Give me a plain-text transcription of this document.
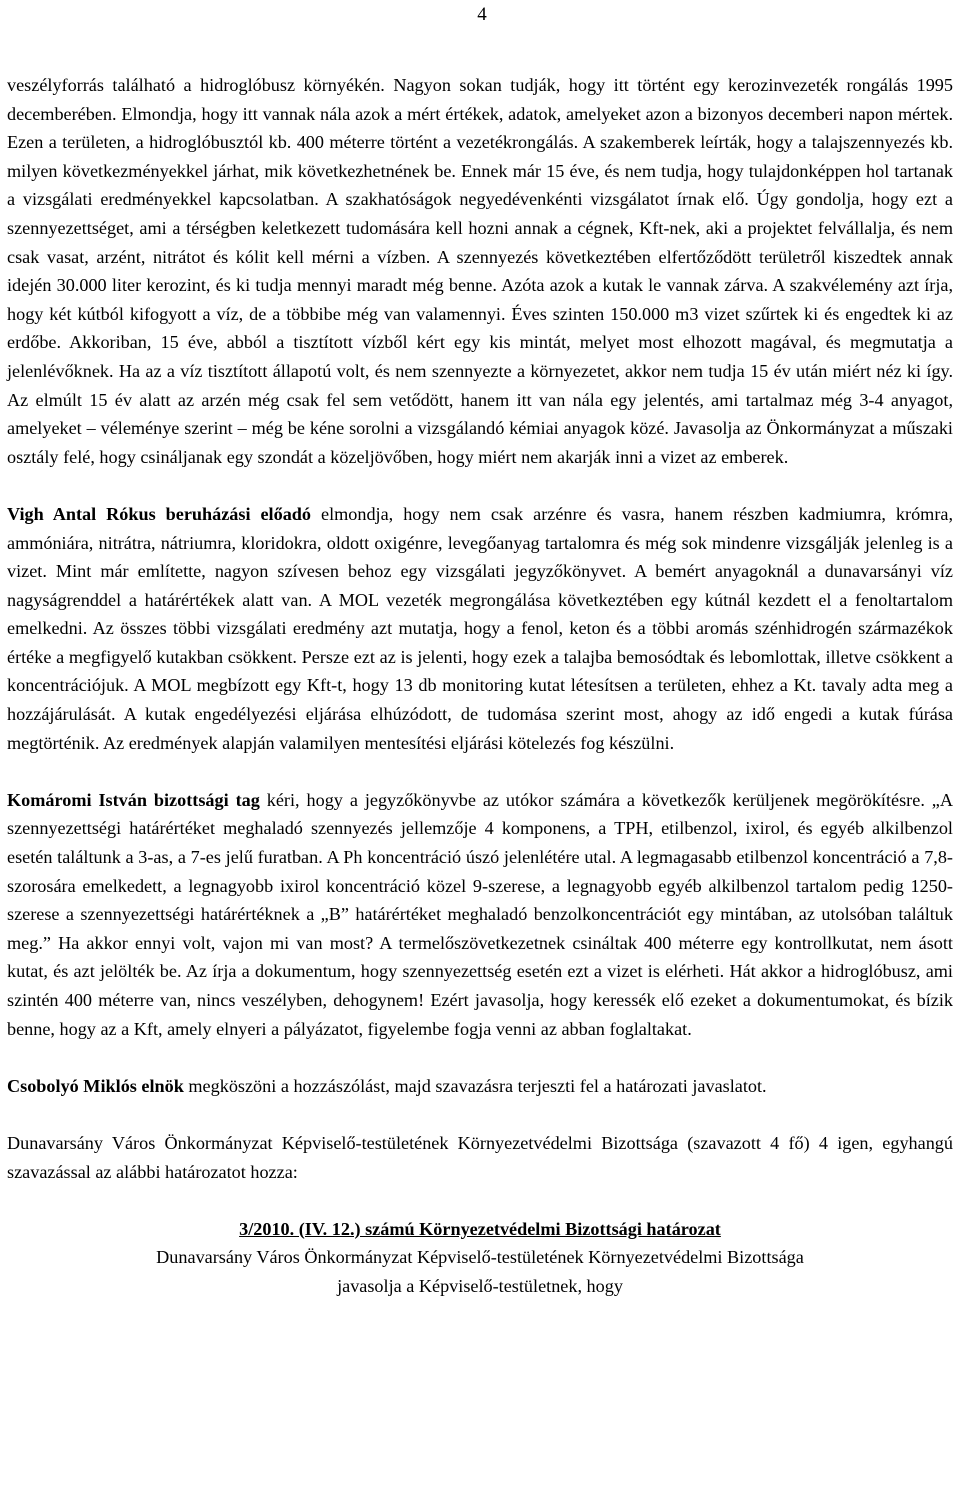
4

veszélyforrás található a hidroglóbusz környékén. Nagyon sokan tudják, hogy itt történt egy kerozinvezeték rongálás 1995 decemberében. Elmondja, hogy itt vannak nála azok a mért értékek, adatok, amelyeket azon a bizonyos decemberi napon mértek. Ezen a területen, a hidroglóbusztól kb. 400 méterre történt a vezetékrongálás. A szakemberek leírták, hogy a talajszennyezés kb. milyen következményekkel járhat, mik következhetnének be. Ennek már 15 éve, és nem tudja, hogy tulajdonképpen hol tartanak a vizsgálati eredményekkel kapcsolatban. A szakhatóságok negyedévenkénti vizsgálatot írnak elő. Úgy gondolja, hogy ezt a szennyezettséget, ami a térségben keletkezett tudomására kell hozni annak a cégnek, Kft-nek, aki a projektet felvállalja, és nem csak vasat, arzént, nitrátot és kólit kell mérni a vízben. A szennyezés következtében elfertőződött területről kiszedtek annak idején 30.000 liter kerozint, és ki tudja mennyi maradt még benne. Azóta azok a kutak le vannak zárva. A szakvélemény azt írja, hogy két kútból kifogyott a víz, de a többibe még van valamennyi. Éves szinten 150.000 m3 vizet szűrtek ki és engedtek ki az erdőbe. Akkoriban, 15 éve, abból a tisztított vízből kért egy kis mintát, melyet most elhozott magával, és megmutatja a jelenlévőknek. Ha az a víz tisztított állapotú volt, és nem szennyezte a környezetet, akkor nem tudja 15 év után miért néz ki így. Az elmúlt 15 év alatt az arzén még csak fel sem vetődött, hanem itt van nála egy jelentés, ami tartalmaz még 3-4 anyagot, amelyeket – véleménye szerint – még be kéne sorolni a vizsgálandó kémiai anyagok közé. Javasolja az Önkormányzat a műszaki osztály felé, hogy csináljanak egy szondát a közeljövőben, hogy miért nem akarják inni a vizet az emberek.

Vigh Antal Rókus beruházási előadó elmondja, hogy nem csak arzénre és vasra, hanem részben kadmiumra, krómra, ammóniára, nitrátra, nátriumra, kloridokra, oldott oxigénre, levegőanyag tartalomra és még sok mindenre vizsgálják jelenleg is a vizet. Mint már említette, nagyon szívesen behoz egy vizsgálati jegyzőkönyvet. A bemért anyagoknál a dunavarsányi víz nagyságrenddel a határértékek alatt van. A MOL vezeték megrongálása következtében egy kútnál kezdett el a fenoltartalom emelkedni. Az összes többi vizsgálati eredmény azt mutatja, hogy a fenol, keton és a többi aromás szénhidrogén származékok értéke a megfigyelő kutakban csökkent. Persze ezt az is jelenti, hogy ezek a talajba bemosódtak és lebomlottak, illetve csökkent a koncentrációjuk. A MOL megbízott egy Kft-t, hogy 13 db monitoring kutat létesítsen a területen, ehhez a Kt. tavaly adta meg a hozzájárulását. A kutak engedélyezési eljárása elhúzódott, de tudomása szerint most, ahogy az idő engedi a kutak fúrása megtörténik. Az eredmények alapján valamilyen mentesítési eljárási kötelezés fog készülni.

Komáromi István bizottsági tag kéri, hogy a jegyzőkönyvbe az utókor számára a következők kerüljenek megörökítésre. „A szennyezettségi határértéket meghaladó szennyezés jellemzője 4 komponens, a TPH, etilbenzol, ixirol, és egyéb alkilbenzol esetén találtunk a 3-as, a 7-es jelű furatban. A Ph koncentráció úszó jelenlétére utal. A legmagasabb etilbenzol koncentráció a 7,8-szorosára emelkedett, a legnagyobb ixirol koncentráció közel 9-szerese, a legnagyobb egyéb alkilbenzol tartalom pedig 1250-szerese a szennyezettségi határértéknek a „B” határértéket meghaladó benzolkoncentrációt egy mintában, az utolsóban találtuk meg.” Ha akkor ennyi volt, vajon mi van most? A termelőszövetkezetnek csináltak 400 méterre egy kontrollkutat, nem ásott kutat, és azt jelölték be. Az írja a dokumentum, hogy szennyezettség esetén ezt a vizet is elérheti. Hát akkor a hidroglóbusz, ami szintén 400 méterre van, nincs veszélyben, dehogynem! Ezért javasolja, hogy keressék elő ezeket a dokumentumokat, és bízik benne, hogy az a Kft, amely elnyeri a pályázatot, figyelembe fogja venni az abban foglaltakat.

Csobolyó Miklós elnök megköszöni a hozzászólást, majd szavazásra terjeszti fel a határozati javaslatot.

Dunavarsány Város Önkormányzat Képviselő-testületének Környezetvédelmi Bizottsága (szavazott 4 fő) 4 igen, egyhangú szavazással az alábbi határozatot hozza:

3/2010. (IV. 12.) számú Környezetvédelmi Bizottsági határozat

Dunavarsány Város Önkormányzat Képviselő-testületének Környezetvédelmi Bizottsága

javasolja a Képviselő-testületnek, hogy
